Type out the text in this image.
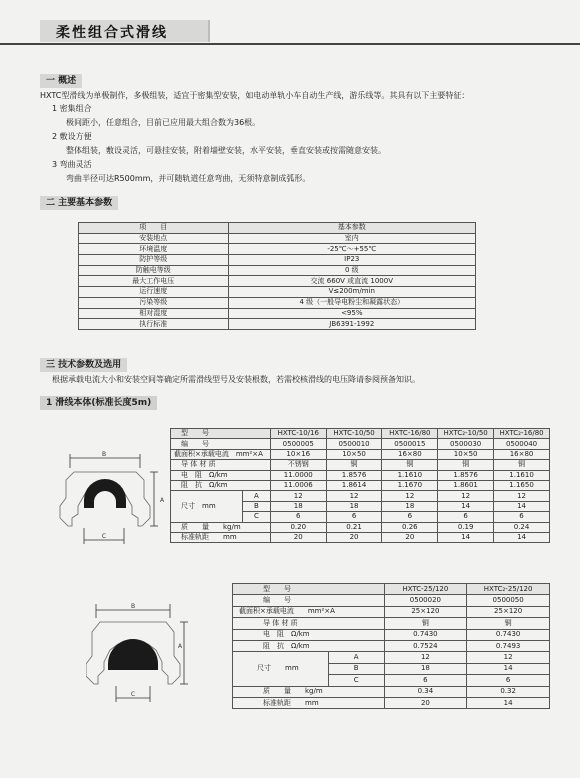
柔性组合式滑线
一 概述
HXTC型滑线为单极制作，多极组装，适宜于密集型安装，如电动单轨小车自动生产线，游乐线等。其具有以下主要特征：
1 密集组合
极间距小，任意组合，目前已应用最大组合数为36根。
2 敷设方便
整体组装，敷设灵活，可悬挂安装，附着墙壁安装，水平安装，垂直安装或按需随意安装。
3 弯曲灵活
弯曲半径可达R500mm，并可随轨道任意弯曲，无须特意制成弧形。
二 主要基本参数
项　　目	基本参数
安装地点	室内
环境温度	-25℃～+55℃
防护等级	IP23
防触电等级	0 级
最大工作电压	交流 660V 或直流 1000V
运行速度	V≤200m/min
污染等级	4 级（一般导电粉尘和凝露状态）
相对湿度	<95%
执行标准	JB6391-1992
三 技术参数及选用
根据承载电流大小和安装空间等确定所需滑线型号及安装根数，若需校核滑线的电压降请参阅预备知识。
1 滑线本体(标准长度5m)
B
A
C
型　　号		HXTC-10/16	HXTC-10/50	HXTC-16/80	HXTC₂-10/50	HXTC₂-16/80
编　　号		0500005	0500010	0500015	0500030	0500040
截面积×承载电流　mm²×A		10×16	10×50	16×80	10×50	16×80
导 体 材 质		不锈钢	铜	铜	铜	铜
电　阻　Ω/km		11.0000	1.8576	1.1610	1.8576	1.1610
阻　抗　Ω/km		11.0006	1.8614	1.1670	1.8601	1.1650
尺寸　mm	A	12	12	12	12	12
	B	18	18	18	14	14
	C	6	6	6	6	6
质　　量　　kg/m		0.20	0.21	0.26	0.19	0.24
标准轨距　　mm		20	20	20	14	14
B
A
C
型　　号		HXTC-25/120	HXTC₂-25/120
编　　号		0500020	0500050
截面积×承载电流　　mm²×A		25×120	25×120
导 体 材 质		铜	铜
电　阻　Ω/km		0.7430	0.7430
阻　抗　Ω/km		0.7524	0.7493
尺寸　　mm	A	12	12
	B	18	14
	C	6	6
质　　量　　kg/m		0.34	0.32
标准轨距　　mm		20	14
